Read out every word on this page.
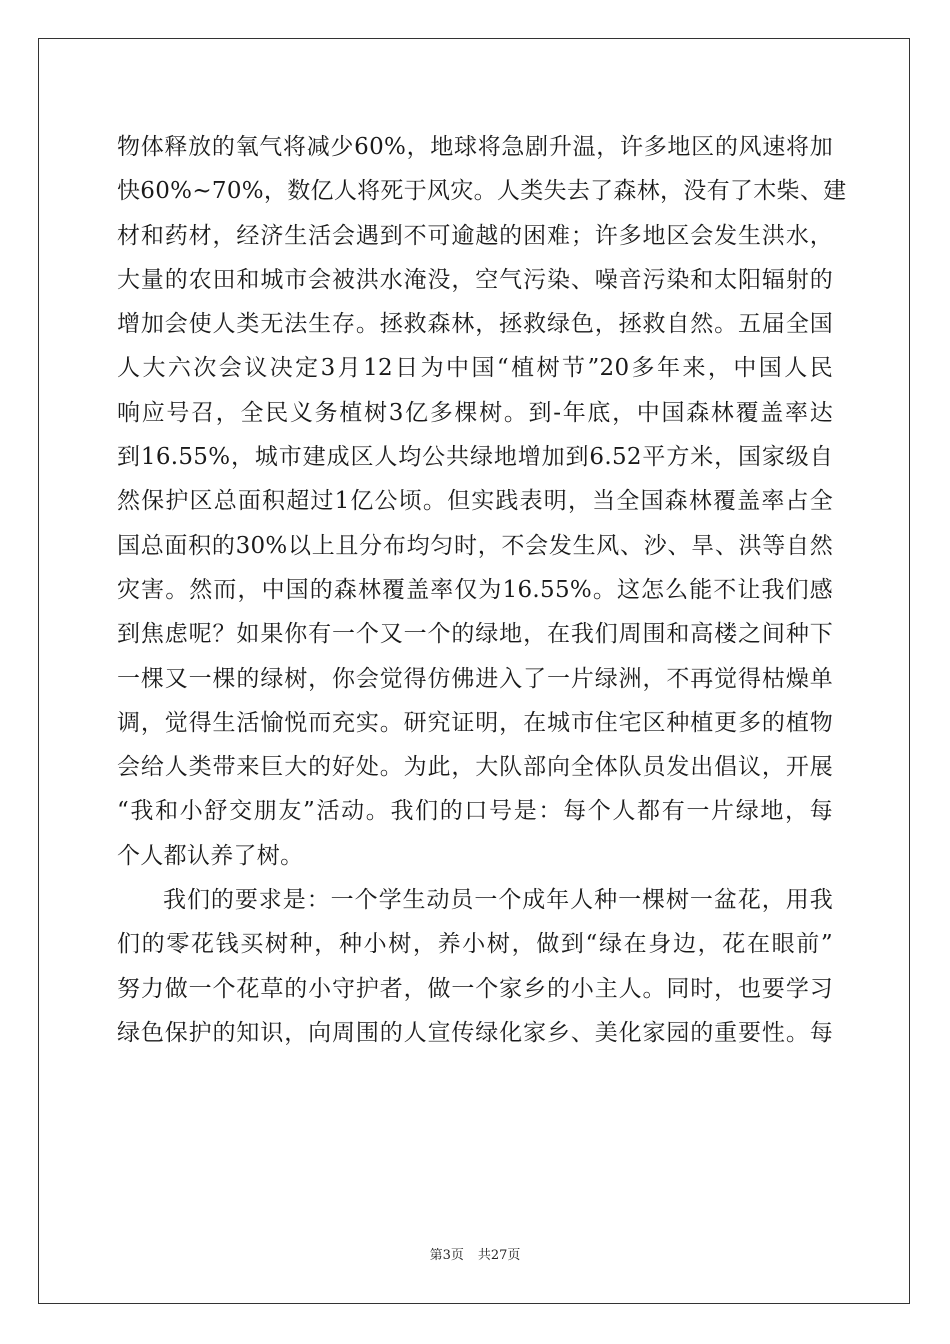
物体释放的氧气将减少60%，地球将急剧升温，许多地区的风速将加
快60%~70%，数亿人将死于风灾。人类失去了森林，没有了木柴、建
材和药材，经济生活会遇到不可逾越的困难；许多地区会发生洪水，
大量的农田和城市会被洪水淹没，空气污染、噪音污染和太阳辐射的
增加会使人类无法生存。拯救森林，拯救绿色，拯救自然。五届全国
人大六次会议决定3月12日为中国“植树节”20多年来，中国人民
响应号召，全民义务植树3亿多棵树。到-年底，中国森林覆盖率达
到16.55%，城市建成区人均公共绿地增加到6.52平方米，国家级自
然保护区总面积超过1亿公顷。但实践表明，当全国森林覆盖率占全
国总面积的30%以上且分布均匀时，不会发生风、沙、旱、洪等自然
灾害。然而，中国的森林覆盖率仅为16.55%。这怎么能不让我们感
到焦虑呢？如果你有一个又一个的绿地，在我们周围和高楼之间种下
一棵又一棵的绿树，你会觉得仿佛进入了一片绿洲，不再觉得枯燥单
调，觉得生活愉悦而充实。研究证明，在城市住宅区种植更多的植物
会给人类带来巨大的好处。为此，大队部向全体队员发出倡议，开展
“我和小舒交朋友”活动。我们的口号是：每个人都有一片绿地，每
个人都认养了树。
我们的要求是：一个学生动员一个成年人种一棵树一盆花，用我
们的零花钱买树种，种小树，养小树，做到“绿在身边，花在眼前”
努力做一个花草的小守护者，做一个家乡的小主人。同时，也要学习
绿色保护的知识，向周围的人宣传绿化家乡、美化家园的重要性。每
第3页 共27页
